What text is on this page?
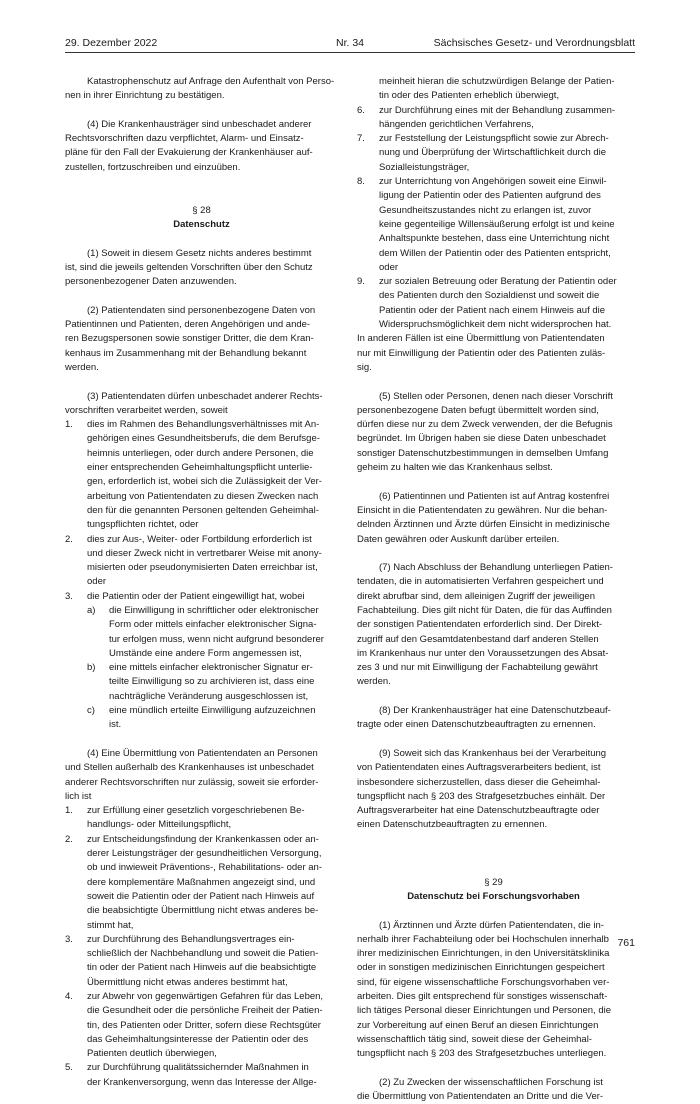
29. Dezember 2022	Nr. 34	Sächsisches Gesetz- und Verordnungsblatt

Katastrophenschutz auf Anfrage den Aufenthalt von Perso-

nen in ihrer Einrichtung zu bestätigen.

(4) Die Krankenhausträger sind unbeschadet anderer

Rechtsvorschriften dazu verpflichtet, Alarm- und Einsatz-

pläne für den Fall der Evakuierung der Krankenhäuser auf-

zustellen, fortzuschreiben und einzuüben.

§ 28

Datenschutz

(1) Soweit in diesem Gesetz nichts anderes bestimmt

ist, sind die jeweils geltenden Vorschriften über den Schutz

personenbezogener Daten anzuwenden.

(2) Patientendaten sind personenbezogene Daten von

Patientinnen und Patienten, deren Angehörigen und ande-

ren Bezugspersonen sowie sonstiger Dritter, die dem Kran-

kenhaus im Zusammenhang mit der Behandlung bekannt

werden.

(3) Patientendaten dürfen unbeschadet anderer Rechts-

vorschriften verarbeitet werden, soweit

1. dies im Rahmen des Behandlungsverhältnisses mit An-
gehörigen eines Gesundheitsberufs, die dem Berufsge-
heimnis unterliegen, oder durch andere Personen, die
einer entsprechenden Geheimhaltungspflicht unterlie-
gen, erforderlich ist, wobei sich die Zulässigkeit der Ver-
arbeitung von Patientendaten zu diesen Zwecken nach
den für die genannten Personen geltenden Geheimhal-
tungspflichten richtet, oder
2. dies zur Aus-, Weiter- oder Fortbildung erforderlich ist
und dieser Zweck nicht in vertretbarer Weise mit anony-
misierten oder pseudonymisierten Daten erreichbar ist,
oder
3. die Patientin oder der Patient eingewilligt hat, wobei
a) die Einwilligung in schriftlicher oder elektronischer
Form oder mittels einfacher elektronischer Signa-
tur erfolgen muss, wenn nicht aufgrund besonderer
Umstände eine andere Form angemessen ist,
b) eine mittels einfacher elektronischer Signatur er-
teilte Einwilligung so zu archivieren ist, dass eine
nachträgliche Veränderung ausgeschlossen ist,
c) eine mündlich erteilte Einwilligung aufzuzeichnen
ist.

(4) Eine Übermittlung von Patientendaten an Personen

und Stellen außerhalb des Krankenhauses ist unbeschadet

anderer Rechtsvorschriften nur zulässig, soweit sie erforder-

lich ist

1. zur Erfüllung einer gesetzlich vorgeschriebenen Be-
handlungs- oder Mitteilungspflicht,
2. zur Entscheidungsfindung der Krankenkassen oder an-
derer Leistungsträger der gesundheitlichen Versorgung,
ob und inwieweit Präventions-, Rehabilitations- oder an-
dere komplementäre Maßnahmen angezeigt sind, und
soweit die Patientin oder der Patient nach Hinweis auf
die beabsichtigte Übermittlung nicht etwas anderes be-
stimmt hat,
3. zur Durchführung des Behandlungsvertrages ein-
schließlich der Nachbehandlung und soweit die Patien-
tin oder der Patient nach Hinweis auf die beabsichtigte
Übermittlung nicht etwas anderes bestimmt hat,
4. zur Abwehr von gegenwärtigen Gefahren für das Leben,
die Gesundheit oder die persönliche Freiheit der Patien-
tin, des Patienten oder Dritter, sofern diese Rechtsgüter
das Geheimhaltungsinteresse der Patientin oder des
Patienten deutlich überwiegen,
5. zur Durchführung qualitätssichernder Maßnahmen in
der Krankenversorgung, wenn das Interesse der Allge-
meinheit hieran die schutzwürdigen Belange der Patien-
tin oder des Patienten erheblich überwiegt,
6. zur Durchführung eines mit der Behandlung zusammen-
hängenden gerichtlichen Verfahrens,
7. zur Feststellung der Leistungspflicht sowie zur Abrech-
nung und Überprüfung der Wirtschaftlichkeit durch die
Sozialleistungsträger,
8. zur Unterrichtung von Angehörigen soweit eine Einwil-
ligung der Patientin oder des Patienten aufgrund des
Gesundheitszustandes nicht zu erlangen ist, zuvor
keine gegenteilige Willensäußerung erfolgt ist und keine
Anhaltspunkte bestehen, dass eine Unterrichtung nicht
dem Willen der Patientin oder des Patienten entspricht,
oder
9. zur sozialen Betreuung oder Beratung der Patientin oder
des Patienten durch den Sozialdienst und soweit die
Patientin oder der Patient nach einem Hinweis auf die
Widerspruchsmöglichkeit dem nicht widersprochen hat.

In anderen Fällen ist eine Übermittlung von Patientendaten

nur mit Einwilligung der Patientin oder des Patienten zuläs-

sig.

(5) Stellen oder Personen, denen nach dieser Vorschrift

personenbezogene Daten befugt übermittelt worden sind,

dürfen diese nur zu dem Zweck verwenden, der die Befugnis

begründet. Im Übrigen haben sie diese Daten unbeschadet

sonstiger Datenschutzbestimmungen in demselben Umfang

geheim zu halten wie das Krankenhaus selbst.

(6) Patientinnen und Patienten ist auf Antrag kostenfrei

Einsicht in die Patientendaten zu gewähren. Nur die behan-

delnden Ärztinnen und Ärzte dürfen Einsicht in medizinische

Daten gewähren oder Auskunft darüber erteilen.

(7) Nach Abschluss der Behandlung unterliegen Patien-

tendaten, die in automatisierten Verfahren gespeichert und

direkt abrufbar sind, dem alleinigen Zugriff der jeweiligen

Fachabteilung. Dies gilt nicht für Daten, die für das Auffinden

der sonstigen Patientendaten erforderlich sind. Der Direkt-

zugriff auf den Gesamtdatenbestand darf anderen Stellen

im Krankenhaus nur unter den Voraussetzungen des Absat-

zes 3 und nur mit Einwilligung der Fachabteilung gewährt

werden.

(8) Der Krankenhausträger hat eine Datenschutzbeauf-

tragte oder einen Datenschutzbeauftragten zu ernennen.

(9) Soweit sich das Krankenhaus bei der Verarbeitung

von Patientendaten eines Auftragsverarbeiters bedient, ist

insbesondere sicherzustellen, dass dieser die Geheimhal-

tungspflicht nach § 203 des Strafgesetzbuches einhält. Der

Auftragsverarbeiter hat eine Datenschutzbeauftragte oder

einen Datenschutzbeauftragten zu ernennen.

§ 29

Datenschutz bei Forschungsvorhaben

(1) Ärztinnen und Ärzte dürfen Patientendaten, die in-

nerhalb ihrer Fachabteilung oder bei Hochschulen innerhalb

ihrer medizinischen Einrichtungen, in den Universitätsklinika

oder in sonstigen medizinischen Einrichtungen gespeichert

sind, für eigene wissenschaftliche Forschungsvorhaben ver-

arbeiten. Dies gilt entsprechend für sonstiges wissenschaft-

lich tätiges Personal dieser Einrichtungen und Personen, die

zur Vorbereitung auf einen Beruf an diesen Einrichtungen

wissenschaftlich tätig sind, soweit diese der Geheimhal-

tungspflicht nach § 203 des Strafgesetzbuches unterliegen.

(2) Zu Zwecken der wissenschaftlichen Forschung ist

die Übermittlung von Patientendaten an Dritte und die Ver-

761
